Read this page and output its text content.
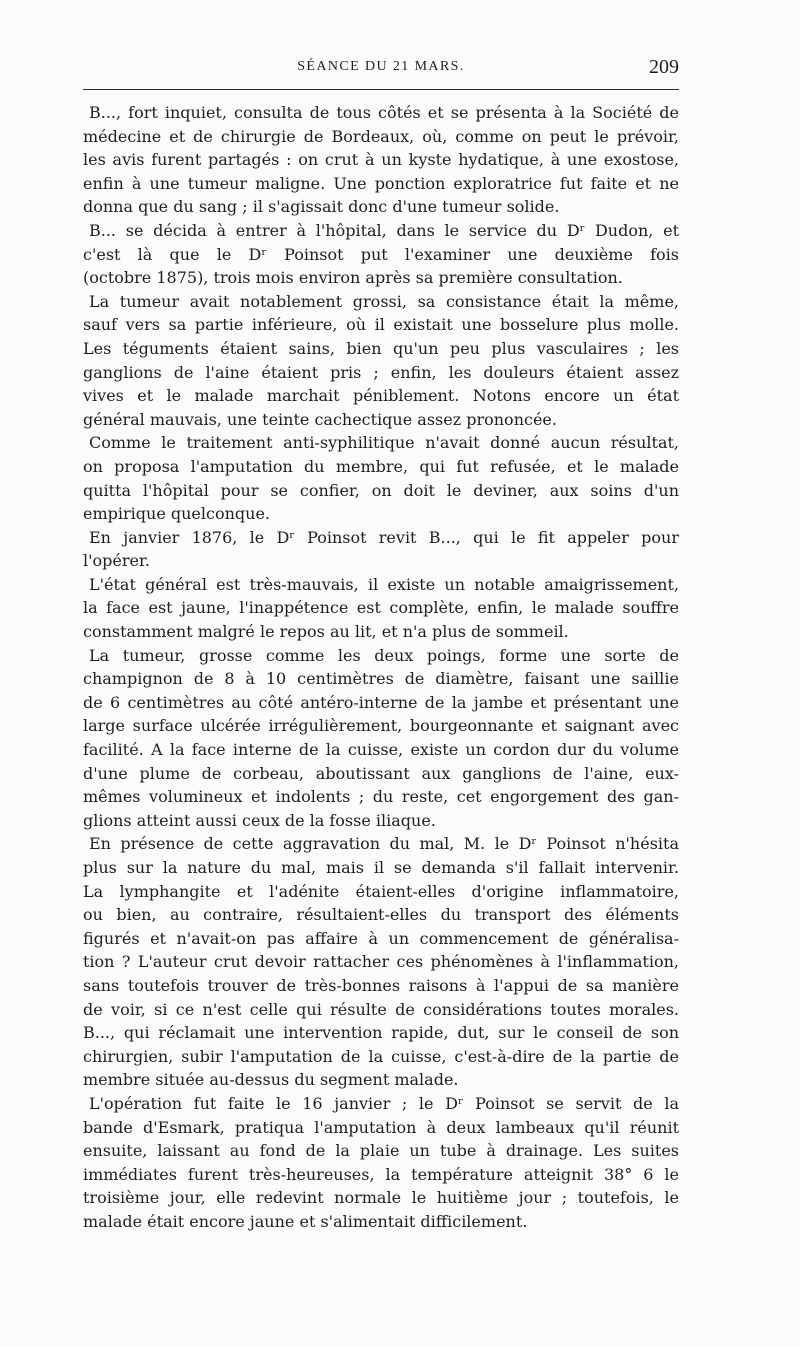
SÉANCE DU 21 MARS.	209

B..., fort inquiet, consulta de tous côtés et se présenta à la Société de

médecine et de chirurgie de Bordeaux, où, comme on peut le prévoir,

les avis furent partagés : on crut à un kyste hydatique, à une exostose,

enfin à une tumeur maligne. Une ponction exploratrice fut faite et ne

donna que du sang ; il s'agissait donc d'une tumeur solide.

B... se décida à entrer à l'hôpital, dans le service du Dʳ Dudon, et

c'est là que le Dʳ Poinsot put l'examiner une deuxième fois

(octobre 1875), trois mois environ après sa première consultation.

La tumeur avait notablement grossi, sa consistance était la même,

sauf vers sa partie inférieure, où il existait une bosselure plus molle.

Les téguments étaient sains, bien qu'un peu plus vasculaires ; les

ganglions de l'aine étaient pris ; enfin, les douleurs étaient assez

vives et le malade marchait péniblement. Notons encore un état

général mauvais, une teinte cachectique assez prononcée.

Comme le traitement anti-syphilitique n'avait donné aucun résultat,

on proposa l'amputation du membre, qui fut refusée, et le malade

quitta l'hôpital pour se confier, on doit le deviner, aux soins d'un

empirique quelconque.

En janvier 1876, le Dʳ Poinsot revit B..., qui le fit appeler pour

l'opérer.

L'état général est très-mauvais, il existe un notable amaigrissement,

la face est jaune, l'inappétence est complète, enfin, le malade souffre

constamment malgré le repos au lit, et n'a plus de sommeil.

La tumeur, grosse comme les deux poings, forme une sorte de

champignon de 8 à 10 centimètres de diamètre, faisant une saillie

de 6 centimètres au côté antéro-interne de la jambe et présentant une

large surface ulcérée irrégulièrement, bourgeonnante et saignant avec

facilité. A la face interne de la cuisse, existe un cordon dur du volume

d'une plume de corbeau, aboutissant aux ganglions de l'aine, eux-

mêmes volumineux et indolents ; du reste, cet engorgement des gan-

glions atteint aussi ceux de la fosse iliaque.

En présence de cette aggravation du mal, M. le Dʳ Poinsot n'hésita

plus sur la nature du mal, mais il se demanda s'il fallait intervenir.

La lymphangite et l'adénite étaient-elles d'origine inflammatoire,

ou bien, au contraire, résultaient-elles du transport des éléments

figurés et n'avait-on pas affaire à un commencement de généralisa-

tion ? L'auteur crut devoir rattacher ces phénomènes à l'inflammation,

sans toutefois trouver de très-bonnes raisons à l'appui de sa manière

de voir, si ce n'est celle qui résulte de considérations toutes morales.

B..., qui réclamait une intervention rapide, dut, sur le conseil de son

chirurgien, subir l'amputation de la cuisse, c'est-à-dire de la partie de

membre située au-dessus du segment malade.

L'opération fut faite le 16 janvier ; le Dʳ Poinsot se servit de la

bande d'Esmark, pratiqua l'amputation à deux lambeaux qu'il réunit

ensuite, laissant au fond de la plaie un tube à drainage. Les suites

immédiates furent très-heureuses, la température atteignit 38° 6 le

troisième jour, elle redevint normale le huitième jour ; toutefois, le

malade était encore jaune et s'alimentait difficilement.
